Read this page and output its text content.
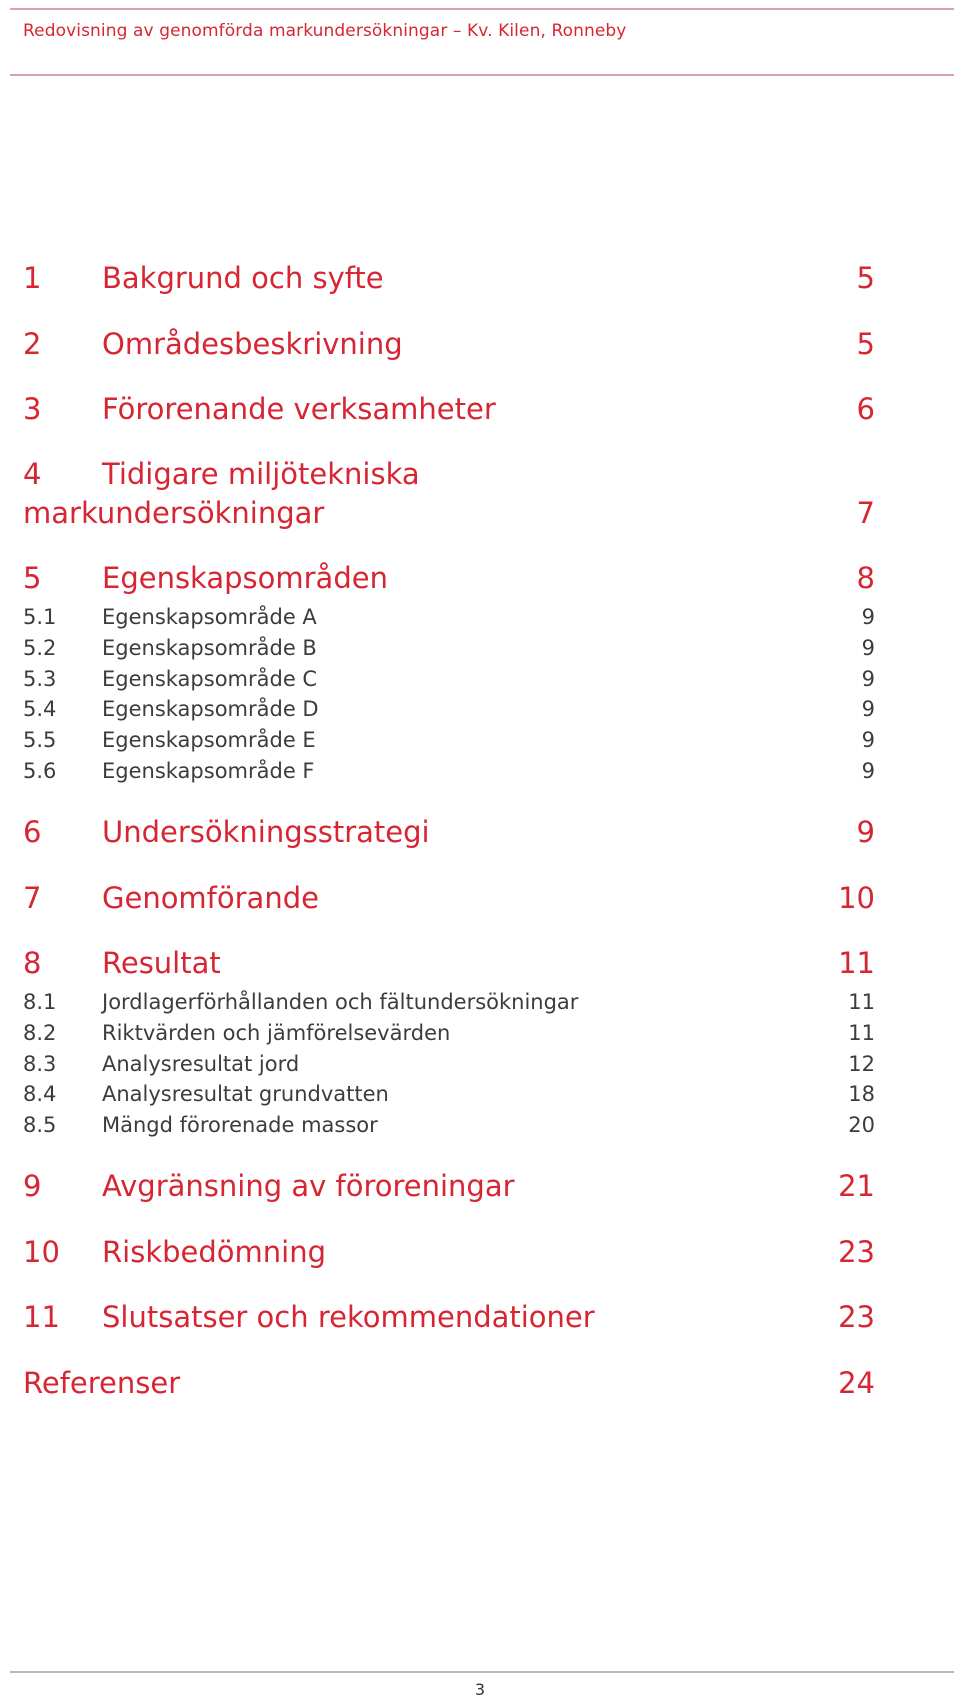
Redovisning av genomförda markundersökningar – Kv. Kilen, Ronneby
1 Bakgrund och syfte	5
2 Områdesbeskrivning	5
3 Förorenande verksamheter	6
4 Tidigare miljötekniska
markundersökningar	7
5 Egenskapsområden	8
5.1 Egenskapsområde A	9
5.2 Egenskapsområde B	9
5.3 Egenskapsområde C	9
5.4 Egenskapsområde D	9
5.5 Egenskapsområde E	9
5.6 Egenskapsområde F	9
6 Undersökningsstrategi	9
7 Genomförande	10
8 Resultat	11
8.1 Jordlagerförhållanden och fältundersökningar	11
8.2 Riktvärden och jämförelsevärden	11
8.3 Analysresultat jord	12
8.4 Analysresultat grundvatten	18
8.5 Mängd förorenade massor	20
9 Avgränsning av föroreningar	21
10 Riskbedömning	23
11 Slutsatser och rekommendationer	23
Referenser	24
3
